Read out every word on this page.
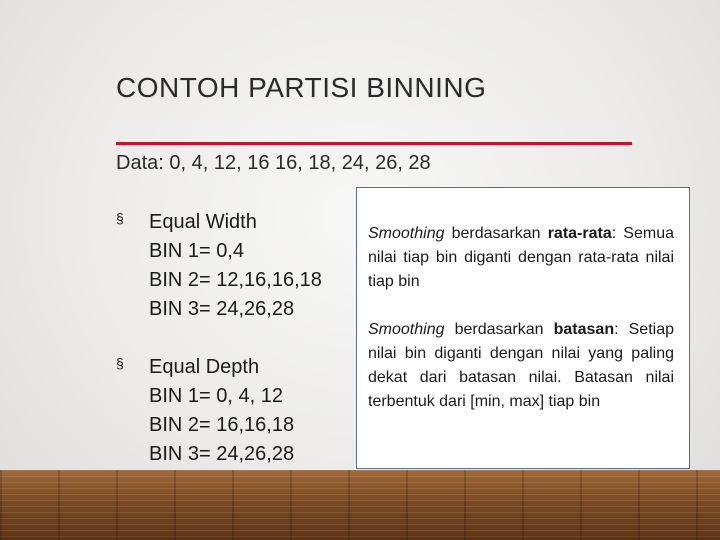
CONTOH PARTISI BINNING
Data: 0, 4, 12, 16 16, 18, 24, 26, 28
§ Equal Width
BIN 1= 0,4
BIN 2= 12,16,16,18
BIN 3= 24,26,28
§ Equal Depth
BIN 1= 0, 4, 12
BIN 2= 16,16,18
BIN 3= 24,26,28

Smoothing berdasarkan rata-rata: Semua nilai tiap bin diganti dengan rata-rata nilai tiap bin

Smoothing berdasarkan batasan: Setiap nilai bin diganti dengan nilai yang paling dekat dari batasan nilai. Batasan nilai terbentuk dari [min, max] tiap bin
